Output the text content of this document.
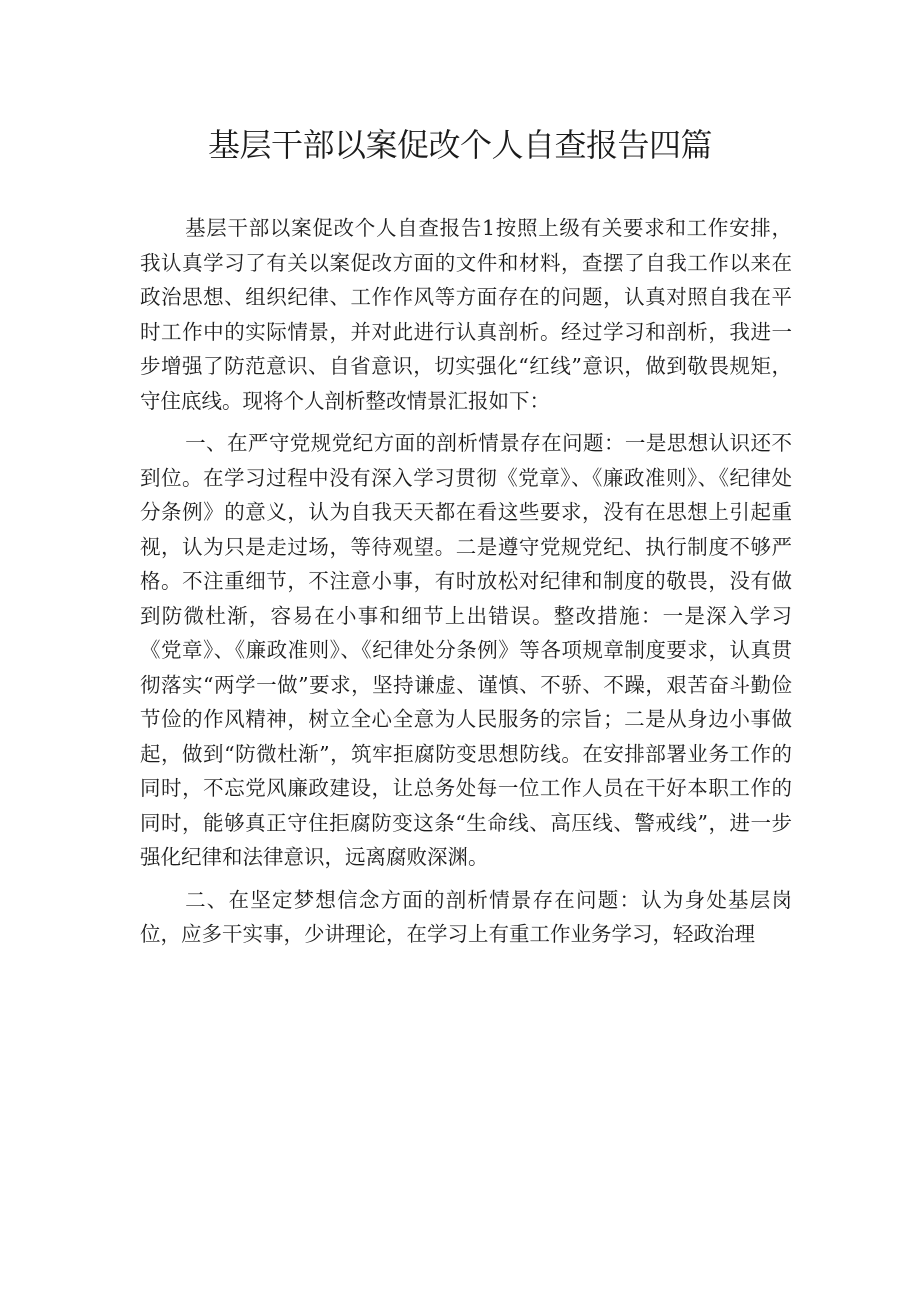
基层干部以案促改个人自查报告四篇

基层干部以案促改个人自查报告1按照上级有关要求和工作安排，我认真学习了有关以案促改方面的文件和材料，查摆了自我工作以来在政治思想、组织纪律、工作作风等方面存在的问题，认真对照自我在平时工作中的实际情景，并对此进行认真剖析。经过学习和剖析，我进一步增强了防范意识、自省意识，切实强化“红线”意识，做到敬畏规矩，守住底线。现将个人剖析整改情景汇报如下：

一、在严守党规党纪方面的剖析情景存在问题：一是思想认识还不到位。在学习过程中没有深入学习贯彻《党章》、《廉政准则》、《纪律处分条例》的意义，认为自我天天都在看这些要求，没有在思想上引起重视，认为只是走过场，等待观望。二是遵守党规党纪、执行制度不够严格。不注重细节，不注意小事，有时放松对纪律和制度的敬畏，没有做到防微杜渐，容易在小事和细节上出错误。整改措施：一是深入学习《党章》、《廉政准则》、《纪律处分条例》等各项规章制度要求，认真贯彻落实“两学一做”要求，坚持谦虚、谨慎、不骄、不躁，艰苦奋斗勤俭节俭的作风精神，树立全心全意为人民服务的宗旨；二是从身边小事做起，做到“防微杜渐”，筑牢拒腐防变思想防线。在安排部署业务工作的同时，不忘党风廉政建设，让总务处每一位工作人员在干好本职工作的同时，能够真正守住拒腐防变这条“生命线、高压线、警戒线”，进一步强化纪律和法律意识，远离腐败深渊。

二、在坚定梦想信念方面的剖析情景存在问题：认为身处基层岗位，应多干实事，少讲理论，在学习上有重工作业务学习，轻政治理
